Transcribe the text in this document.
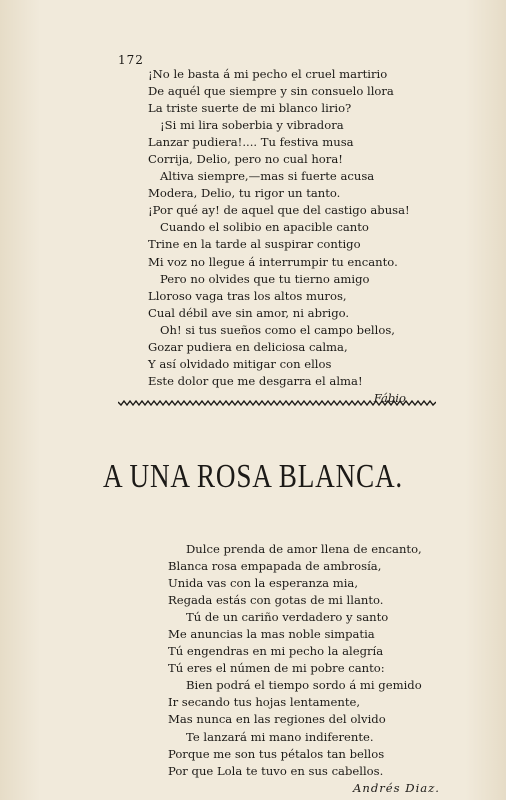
172
¡No le basta á mi pecho el cruel martirio
De aquél que siempre y sin consuelo llora
La triste suerte de mi blanco lirio?
¡Si mi lira soberbia y vibradora
Lanzar pudiera!.... Tu festiva musa
Corrija, Delio, pero no cual hora!
Altiva siempre,—mas si fuerte acusa
Modera, Delio, tu rigor un tanto.
¡Por qué ay! de aquel que del castigo abusa!
Cuando el solibio en apacible canto
Trine en la tarde al suspirar contigo
Mi voz no llegue á interrumpir tu encanto.
Pero no olvides que tu tierno amigo
Lloroso vaga tras los altos muros,
Cual débil ave sin amor, ni abrigo.
Oh! si tus sueños como el campo bellos,
Gozar pudiera en deliciosa calma,
Y así olvidado mitigar con ellos
Este dolor que me desgarra el alma!
Fábio
A UNA ROSA BLANCA.
Dulce prenda de amor llena de encanto,
Blanca rosa empapada de ambrosía,
Unida vas con la esperanza mia,
Regada estás con gotas de mi llanto.
Tú de un cariño verdadero y santo
Me anuncias la mas noble simpatia
Tú engendras en mi pecho la alegría
Tú eres el númen de mi pobre canto:
Bien podrá el tiempo sordo á mi gemido
Ir secando tus hojas lentamente,
Mas nunca en las regiones del olvido
Te lanzará mi mano indiferente.
Porque me son tus pétalos tan bellos
Por que Lola te tuvo en sus cabellos.
Andrés Diaz.
